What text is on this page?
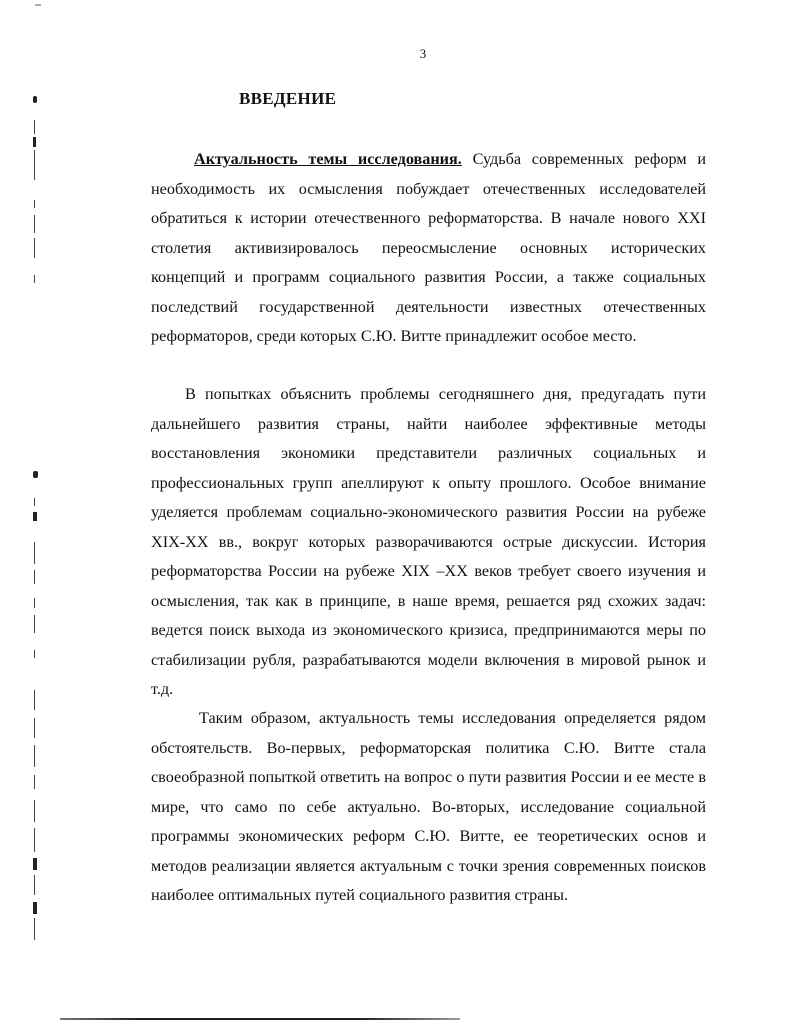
3
ВВЕДЕНИЕ

Актуальность темы исследования. Судьба современных реформ и необходимость их осмысления побуждает отечественных исследователей обратиться к истории отечественного реформаторства. В начале нового XXI столетия активизировалось переосмысление основных исторических концепций и программ социального развития России, а также социальных последствий государственной деятельности известных отечественных реформаторов, среди которых С.Ю. Витте принадлежит особое место.

В попытках объяснить проблемы сегодняшнего дня, предугадать пути дальнейшего развития страны, найти наиболее эффективные методы восстановления экономики представители различных социальных и профессиональных групп апеллируют к опыту прошлого. Особое внимание уделяется проблемам социально-экономического развития России на рубеже XIX-XX вв., вокруг которых разворачиваются острые дискуссии. История реформаторства России на рубеже XIX –XX веков требует своего изучения и осмысления, так как в принципе, в наше время, решается ряд схожих задач: ведется поиск выхода из экономического кризиса, предпринимаются меры по стабилизации рубля, разрабатываются модели включения в мировой рынок и т.д.

Таким образом, актуальность темы исследования определяется рядом обстоятельств. Во-первых, реформаторская политика С.Ю. Витте стала своеобразной попыткой ответить на вопрос о пути развития России и ее месте в мире, что само по себе актуально. Во-вторых, исследование социальной программы экономических реформ С.Ю. Витте, ее теоретических основ и методов реализации является актуальным с точки зрения современных поисков наиболее оптимальных путей социального развития страны.
